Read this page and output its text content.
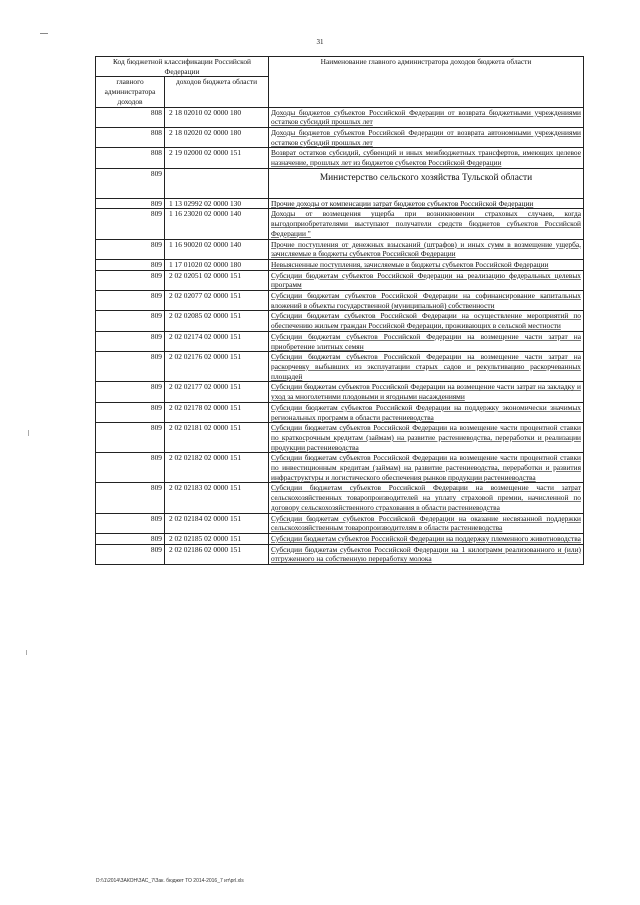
31
Код бюджетной классификации Российской Федерации		Наименование главного администратора доходов бюджета области
главного администратора доходов	доходов бюджета области	
808	2 18 02010 02 0000 180	Доходы бюджетов субъектов Российской Федерации от возврата бюджетными учреждениями остатков субсидий прошлых лет
808	2 18 02020 02 0000 180	Доходы бюджетов субъектов Российской Федерации от возврата автономными учреждениями остатков субсидий прошлых лет
808	2 19 02000 02 0000 151	Возврат остатков субсидий, субвенций и иных межбюджетных трансфертов, имеющих целевое назначение, прошлых лет из бюджетов субъектов Российской Федерации
809		Министерство сельского хозяйства Тульской области
809	1 13 02992 02 0000 130	Прочие доходы от компенсации затрат бюджетов субъектов Российской Федерации
809	1 16 23020 02 0000 140	Доходы от возмещения ущерба при возникновении страховых случаев, когда выгодоприобретателями выступают получатели средств бюджетов субъектов Российской Федерации "
809	1 16 90020 02 0000 140	Прочие поступления от денежных взысканий (штрафов) и иных сумм в возмещение ущерба, зачисляемые в бюджеты субъектов Российской Федерации
809	1 17 01020 02 0000 180	Невыясненные поступления, зачисляемые в бюджеты субъектов Российской Федерации
809	2 02 02051 02 0000 151	Субсидии бюджетам субъектов Российской Федерации на реализацию федеральных целевых программ
809	2 02 02077 02 0000 151	Субсидии бюджетам субъектов Российской Федерации на софинансирование капитальных вложений в объекты государственной (муниципальной) собственности
809	2 02 02085 02 0000 151	Субсидии бюджетам субъектов Российской Федерации на осуществление мероприятий по обеспечению жильем граждан Российской Федерации, проживающих в сельской местности
809	2 02 02174 02 0000 151	Субсидии бюджетам субъектов Российской Федерации на возмещение части затрат на приобретение элитных семян
809	2 02 02176 02 0000 151	Субсидии бюджетам субъектов Российской Федерации на возмещение части затрат на раскорчевку выбывших из эксплуатации старых садов и рекультивацию раскорчеванных площадей
809	2 02 02177 02 0000 151	Субсидии бюджетам субъектов Российской Федерации на возмещение части затрат на закладку и уход за многолетними плодовыми и ягодными насаждениями
809	2 02 02178 02 0000 151	Субсидии бюджетам субъектов Российской Федерации на поддержку экономически значимых региональных программ в области растениеводства
809	2 02 02181 02 0000 151	Субсидии бюджетам субъектов Российской Федерации на возмещение части процентной ставки по краткосрочным кредитам (займам) на развитие растениеводства, переработки и реализации продукции растениеводства
809	2 02 02182 02 0000 151	Субсидии бюджетам субъектов Российской Федерации на возмещение части процентной ставки по инвестиционным кредитам (займам) на развитие растениеводства, переработки и развития инфраструктуры и логистического обеспечения рынков продукции растениеводства
809	2 02 02183 02 0000 151	Субсидии бюджетам субъектов Российской Федерации на возмещение части затрат сельскохозяйственных товаропроизводителей на уплату страховой премии, начисленной по договору сельскохозяйственного страхования в области растениеводства
809	2 02 02184 02 0000 151	Субсидии бюджетам субъектов Российской Федерации на оказание несвязанной поддержки сельскохозяйственным товаропроизводителям в области растениеводства
809	2 02 02185 02 0000 151	Субсидии бюджетам субъектов Российской Федерации на поддержку племенного животноводства
809	2 02 02186 02 0000 151	Субсидии бюджетам субъектов Российской Федерации на 1 килограмм реализованного и (или) отгруженного на собственную переработку молока
D:\\1\2014\ЗАКОН\ЗАС_7\Зак. бюджет ТО 2014-2016_7 ит\рrl.xls
